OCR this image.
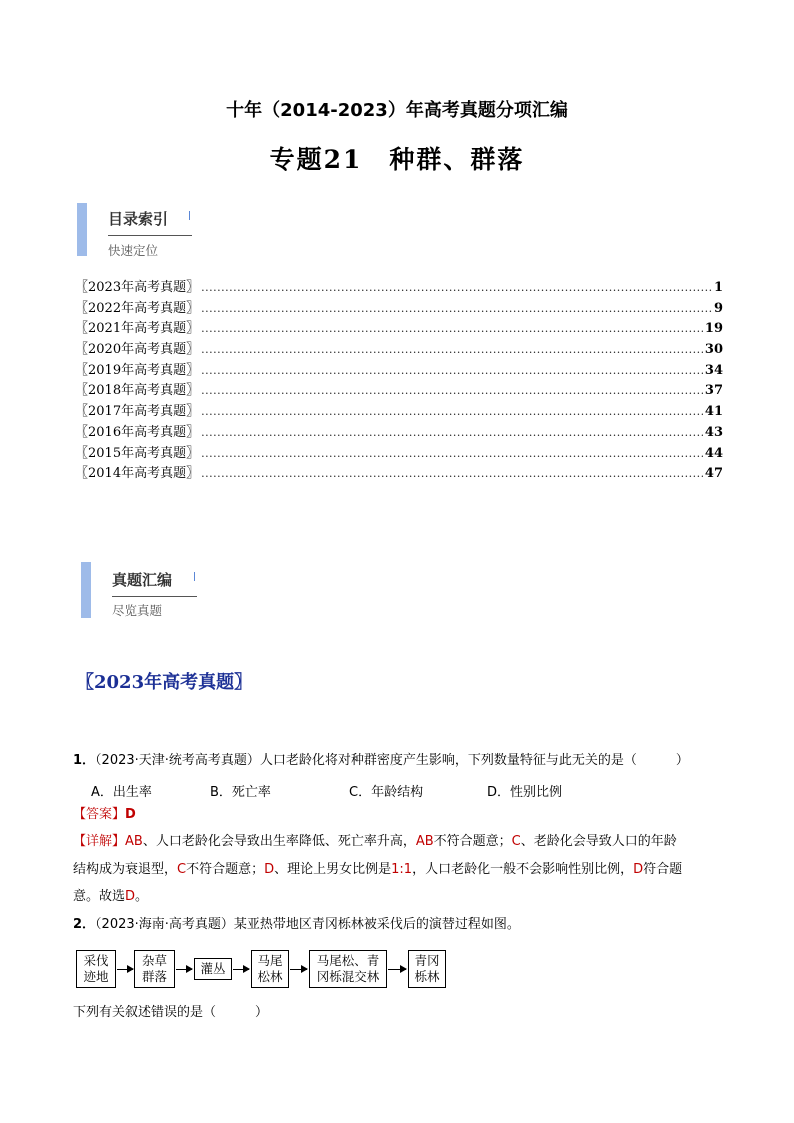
十年（2014-2023）年高考真题分项汇编
专题21　种群、群落
目录索引
快速定位
〖2023年高考真题〗 .....	1
〖2022年高考真题〗 .....	9
〖2021年高考真题〗 .....	19
〖2020年高考真题〗 .....	30
〖2019年高考真题〗 .....	34
〖2018年高考真题〗 .....	37
〖2017年高考真题〗 .....	41
〖2016年高考真题〗 .....	43
〖2015年高考真题〗 .....	44
〖2014年高考真题〗 .....	47
真题汇编
尽览真题
〖2023年高考真题〗
1．（2023·天津·统考高考真题）人口老龄化将对种群密度产生影响，下列数量特征与此无关的是（　　　）
A．出生率	B．死亡率	C．年龄结构	D．性别比例
【答案】D
【详解】AB、人口老龄化会导致出生率降低、死亡率升高，AB不符合题意；C、老龄化会导致人口的年龄
结构成为衰退型，C不符合题意；D、理论上男女比例是1:1，人口老龄化一般不会影响性别比例，D符合题
意。故选D。
2．（2023·海南·高考真题）某亚热带地区青冈栎林被采伐后的演替过程如图。
采伐
迹地
杂草
群落
灌丛
马尾
松林
马尾松、青
冈栎混交林
青冈
栎林
下列有关叙述错误的是（　　　）
